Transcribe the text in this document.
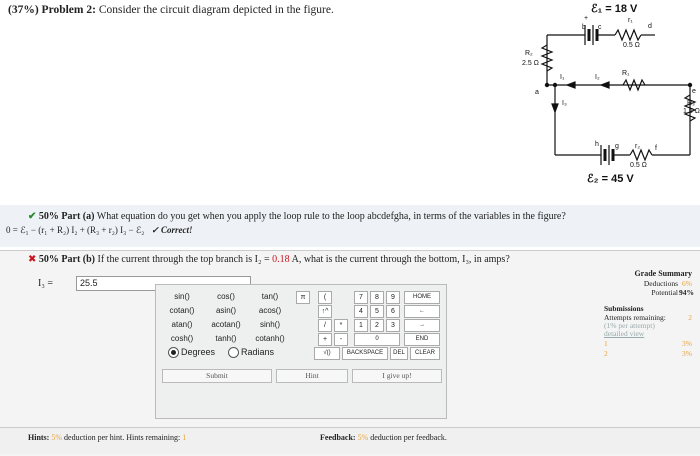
(37%) Problem 2: Consider the circuit diagram depicted in the figure.	ℰ₁ = 18 V
+
b c
r₁
d
0.5 Ω
R₂
2.5 Ω
a
I₁	I₂
R₁
e
R₃
1.5 Ω
I₃
h g r₂ f
0.5 Ω
ℰ₂ = 45 V
✔ 50% Part (a) What equation do you get when you apply the loop rule to the loop abcdefgha, in terms of the variables in the figure?
0 = ℰ₁ − (r₁ + R₂) I₂ + (R₃ + r₂) I₃ − ℰ₂ ✓ Correct!
✖ 50% Part (b) If the current through the top branch is I₂ = 0.18 A, what is the current through the bottom, I₃, in amps?
I₃ =	25.5
Grade Summary
Deductions 6%
Potential 94%
Submissions
Attempts remaining:	2
(1% per attempt)
detailed view
1	3%
2	3%
sin()	cos()	tan()
cotan()	asin()	acos()
atan()	acotan()	sinh()
cosh()	tanh()	cotanh()
Degrees	Radians
π	(
↑^
/	*
+	-
7	8	9	HOME
4	5	6	←
1	2	3	→
0	END
√()	BACKSPACE	DEL	CLEAR
Submit	Hint	I give up!
Hints: 5% deduction per hint. Hints remaining: 1	Feedback: 5% deduction per feedback.
